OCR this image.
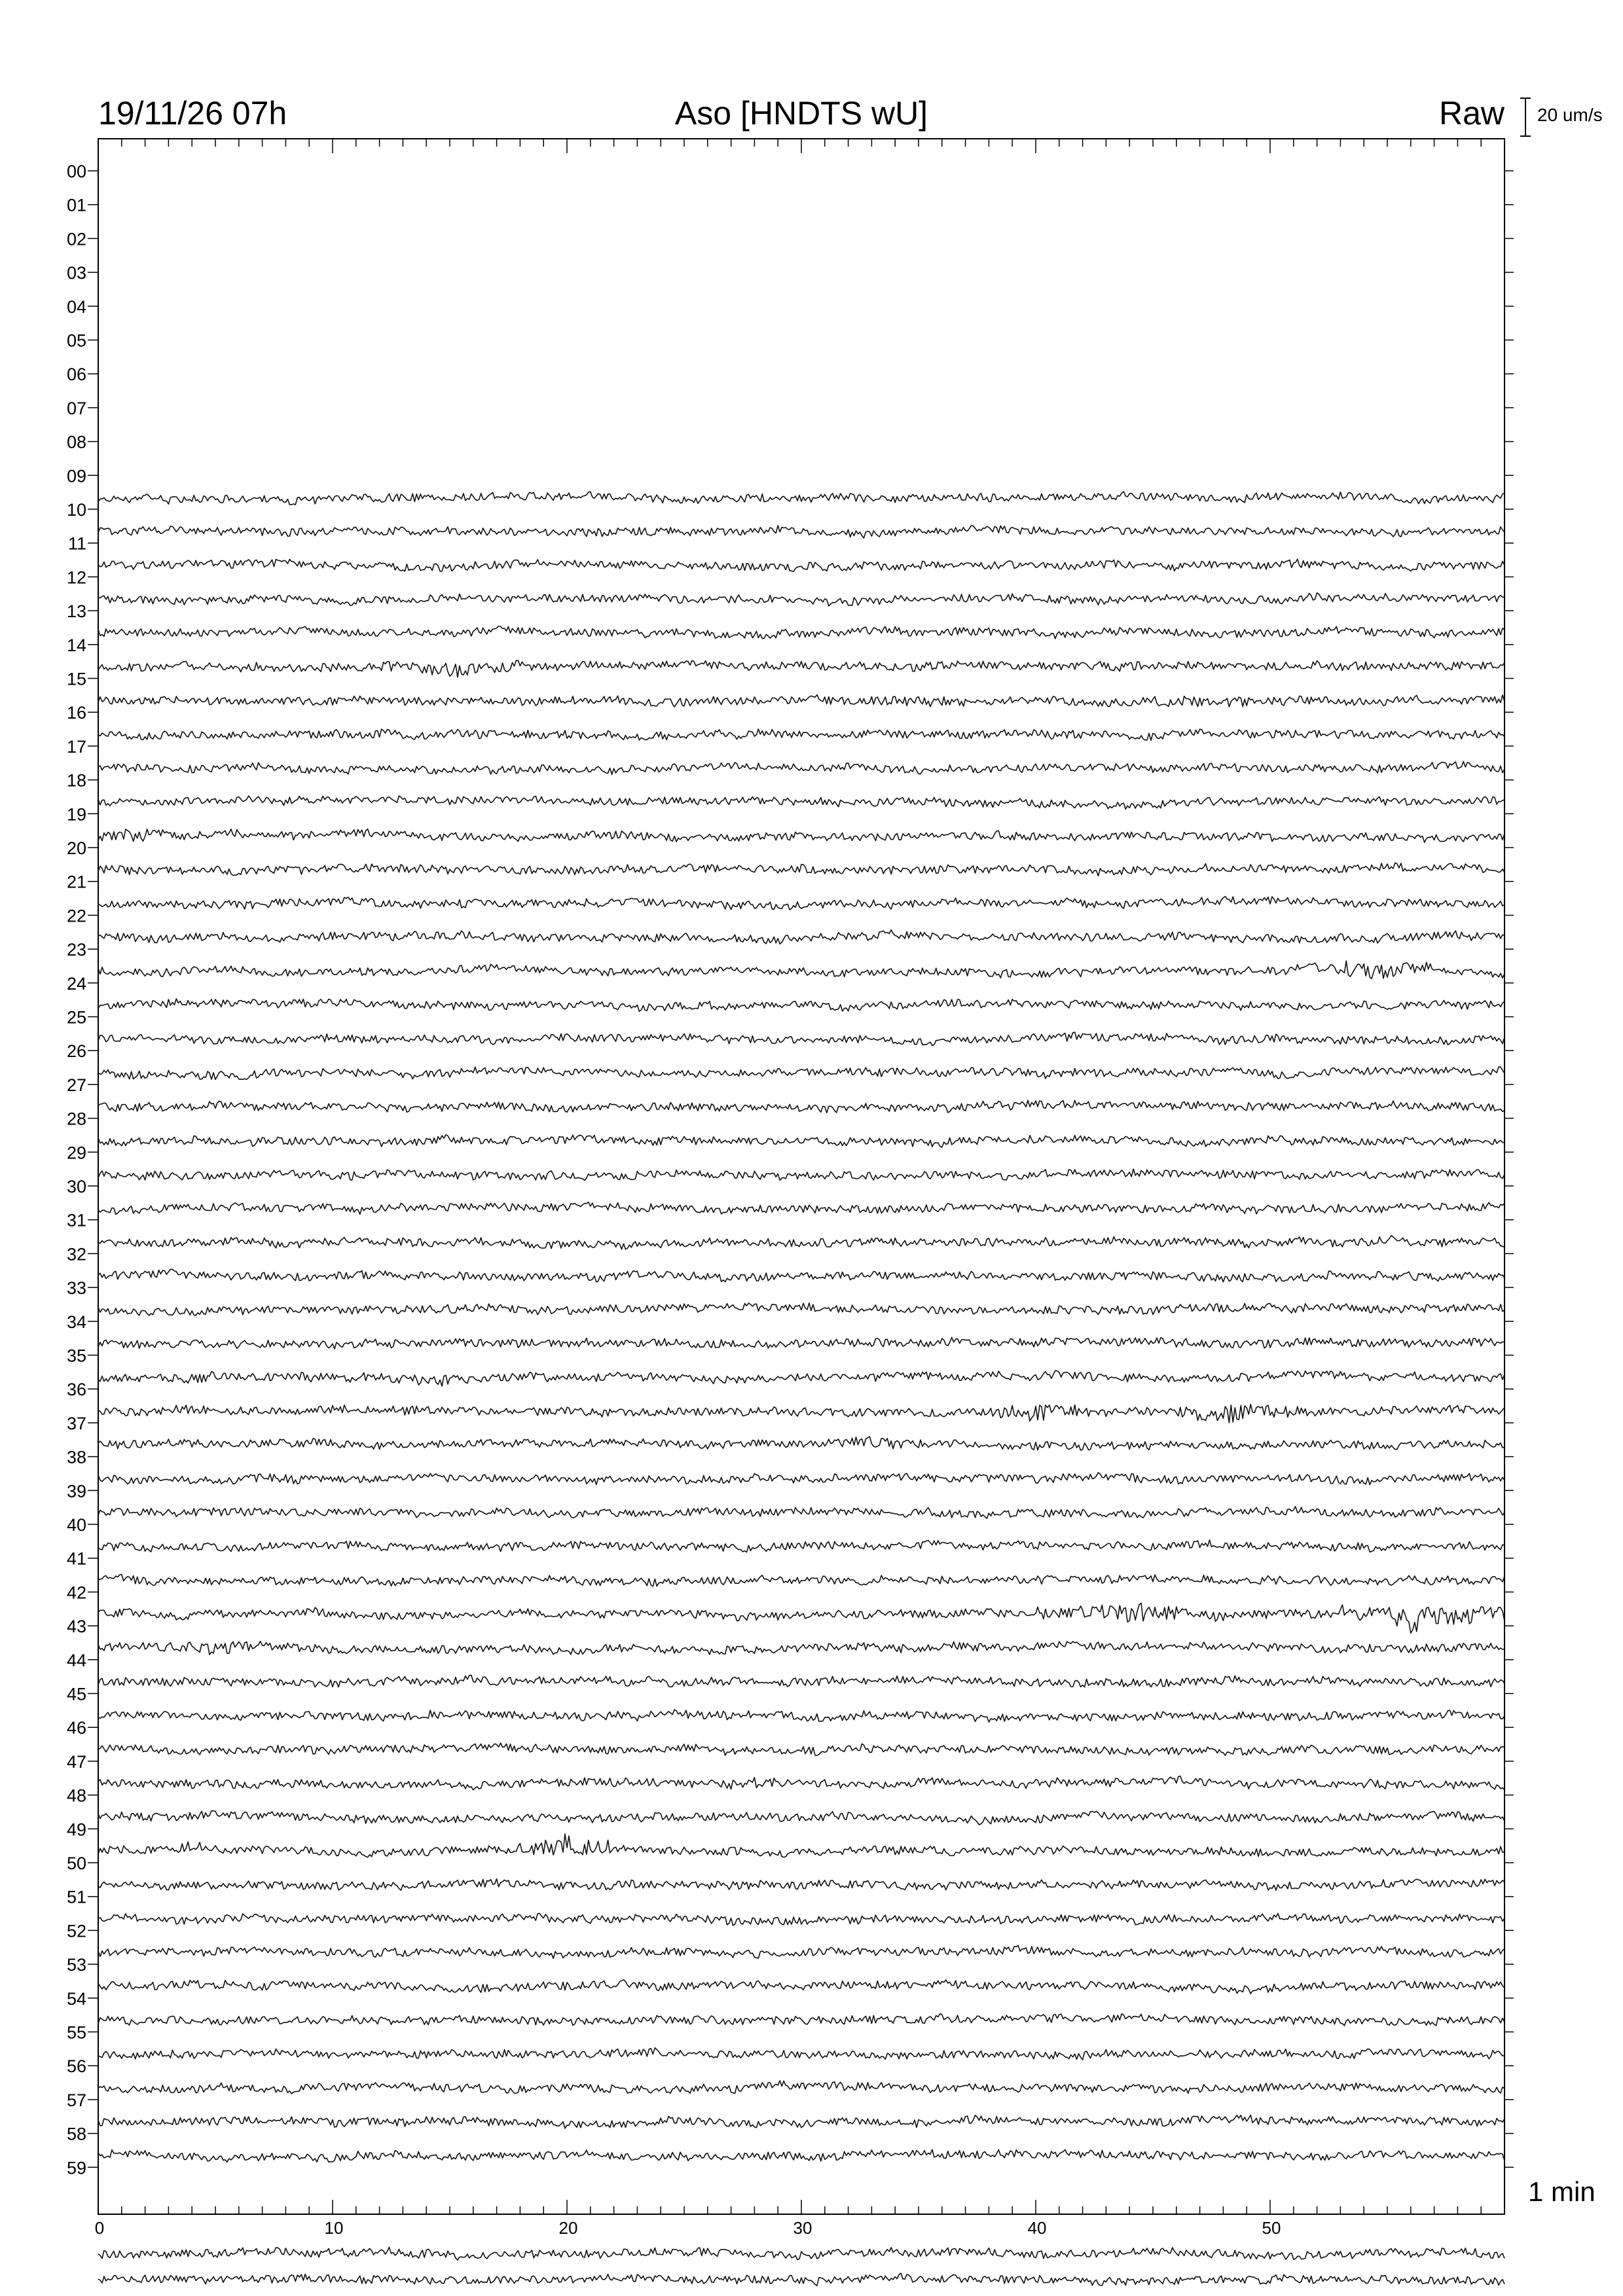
19/11/26 07h	Aso [HNDTS wU]	Raw 20 um/s
1 min
00
01
02
03
04
05
06
07
08
09
10
11
12
13
14
15
16
17
18
19
20
21
22
23
24
25
26
27
28
29
30
31
32
33
34
35
36
37
38
39
40
41
42
43
44
45
46
47
48
49
50
51
52
53
54
55
56
57
58
59
0	10	20	30	40	50
